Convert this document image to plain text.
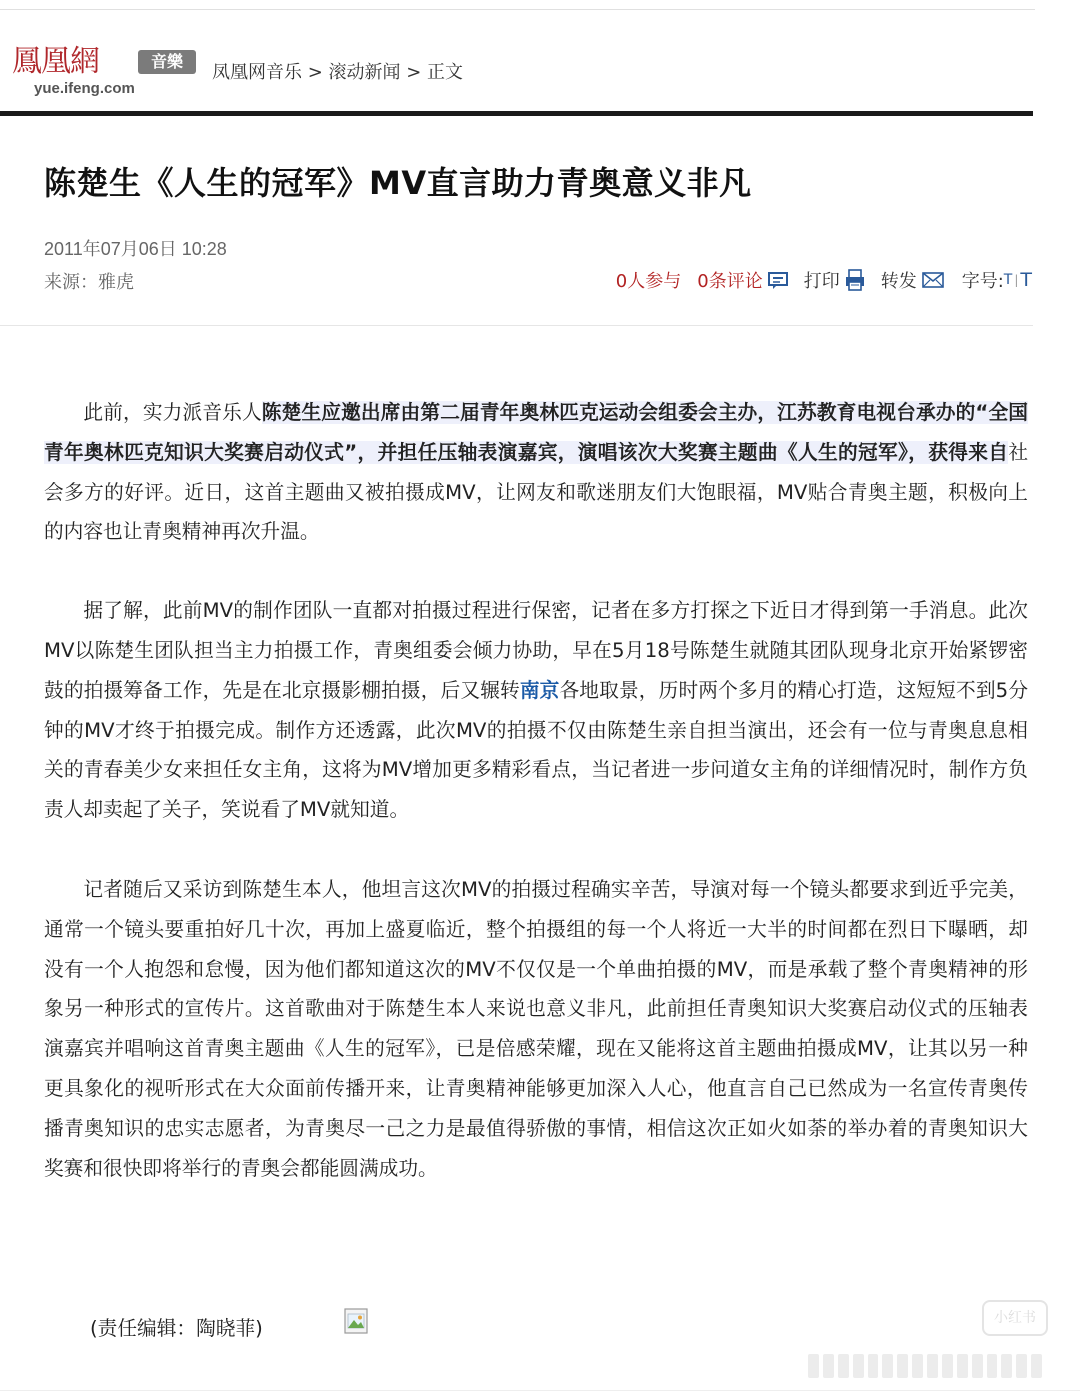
鳳凰網	音樂
yue.ifeng.com
凤凰网音乐 > 滚动新闻 > 正文
陈楚生《人生的冠军》MV直言助力青奥意义非凡
2011年07月06日 10:28
来源：雅虎	0人参与 0条评论 打印 转发	字号: T | T

此前，实力派音乐人陈楚生应邀出席由第二届青年奥林匹克运动会组委会主办，江苏教育电视台承办的“全国青年奥林匹克知识大奖赛启动仪式”，并担任压轴表演嘉宾，演唱该次大奖赛主题曲《人生的冠军》，获得来自社会多方的好评。近日，这首主题曲又被拍摄成MV，让网友和歌迷朋友们大饱眼福，MV贴合青奥主题，积极向上的内容也让青奥精神再次升温。

据了解，此前MV的制作团队一直都对拍摄过程进行保密，记者在多方打探之下近日才得到第一手消息。此次MV以陈楚生团队担当主力拍摄工作，青奥组委会倾力协助，早在5月18号陈楚生就随其团队现身北京开始紧锣密鼓的拍摄筹备工作，先是在北京摄影棚拍摄，后又辗转南京各地取景，历时两个多月的精心打造，这短短不到5分钟的MV才终于拍摄完成。制作方还透露，此次MV的拍摄不仅由陈楚生亲自担当演出，还会有一位与青奥息息相关的青春美少女来担任女主角，这将为MV增加更多精彩看点，当记者进一步问道女主角的详细情况时，制作方负责人却卖起了关子，笑说看了MV就知道。

记者随后又采访到陈楚生本人，他坦言这次MV的拍摄过程确实辛苦，导演对每一个镜头都要求到近乎完美，通常一个镜头要重拍好几十次，再加上盛夏临近，整个拍摄组的每一个人将近一大半的时间都在烈日下曝晒，却没有一个人抱怨和怠慢，因为他们都知道这次的MV不仅仅是一个单曲拍摄的MV，而是承载了整个青奥精神的形象另一种形式的宣传片。这首歌曲对于陈楚生本人来说也意义非凡，此前担任青奥知识大奖赛启动仪式的压轴表演嘉宾并唱响这首青奥主题曲《人生的冠军》，已是倍感荣耀，现在又能将这首主题曲拍摄成MV，让其以另一种更具象化的视听形式在大众面前传播开来，让青奥精神能够更加深入人心，他直言自己已然成为一名宣传青奥传播青奥知识的忠实志愿者，为青奥尽一己之力是最值得骄傲的事情，相信这次正如火如荼的举办着的青奥知识大奖赛和很快即将举行的青奥会都能圆满成功。

(责任编辑：陶晓菲)	小红书
